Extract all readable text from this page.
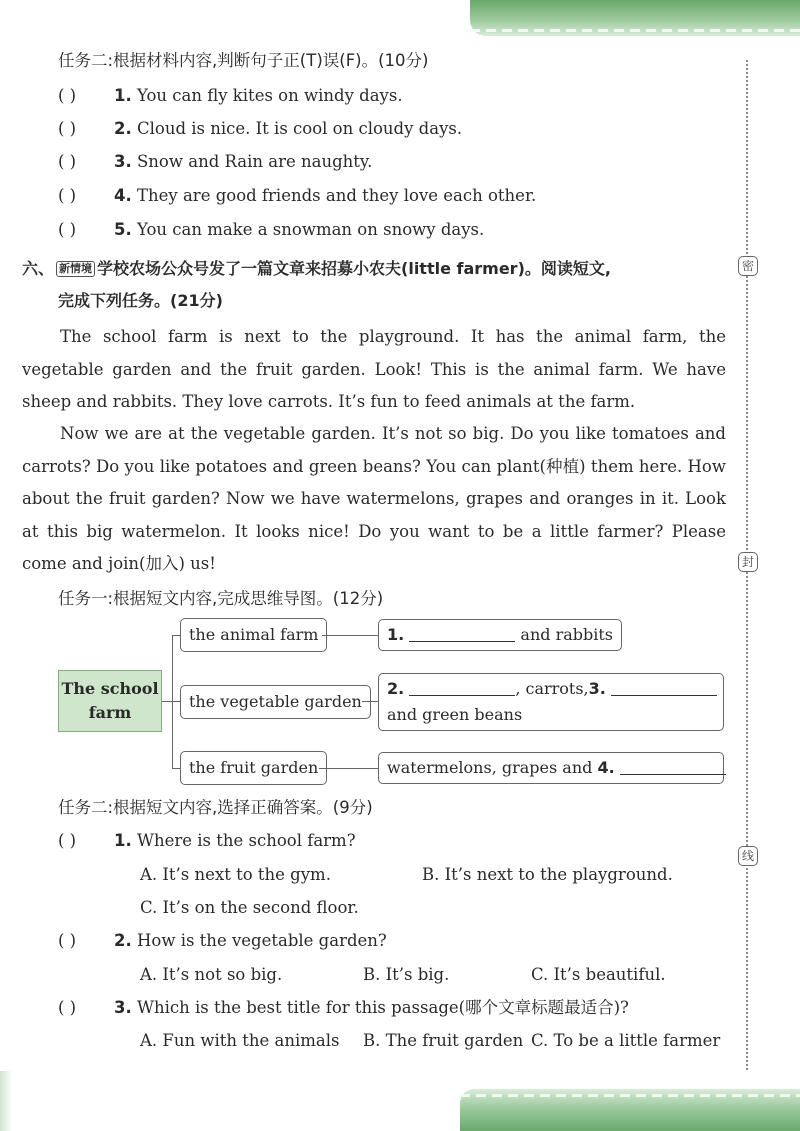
密
封
线
任务二:根据材料内容,判断句子正(T)误(F)。(10分)
( ) 1. You can fly kites on windy days.
( ) 2. Cloud is nice. It is cool on cloudy days.
( ) 3. Snow and Rain are naughty.
( ) 4. They are good friends and they love each other.
( ) 5. You can make a snowman on snowy days.
六、 新情境 学校农场公众号发了一篇文章来招募小农夫(little farmer)。阅读短文,
完成下列任务。(21分)
The school farm is next to the playground. It has the animal farm, the vegetable garden and the fruit garden. Look! This is the animal farm. We have sheep and rabbits. They love carrots. It’s fun to feed animals at the farm.
Now we are at the vegetable garden. It’s not so big. Do you like tomatoes and carrots? Do you like potatoes and green beans? You can plant(种植) them here. How about the fruit garden? Now we have watermelons, grapes and oranges in it. Look at this big watermelon. It looks nice! Do you want to be a little farmer? Please come and join(加入) us!
任务一:根据短文内容,完成思维导图。(12分)
The school
farm
the animal farm
the vegetable garden
the fruit garden
1.	and rabbits
2.	, carrots,3.
and green beans
watermelons, grapes and 4.
任务二:根据短文内容,选择正确答案。(9分)
( ) 1. Where is the school farm?
A. It’s next to the gym.	B. It’s next to the playground.
C. It’s on the second floor.
( ) 2. How is the vegetable garden?
A. It’s not so big.	B. It’s big.	C. It’s beautiful.
( ) 3. Which is the best title for this passage(哪个文章标题最适合)?
A. Fun with the animals B. The fruit garden C. To be a little farmer
